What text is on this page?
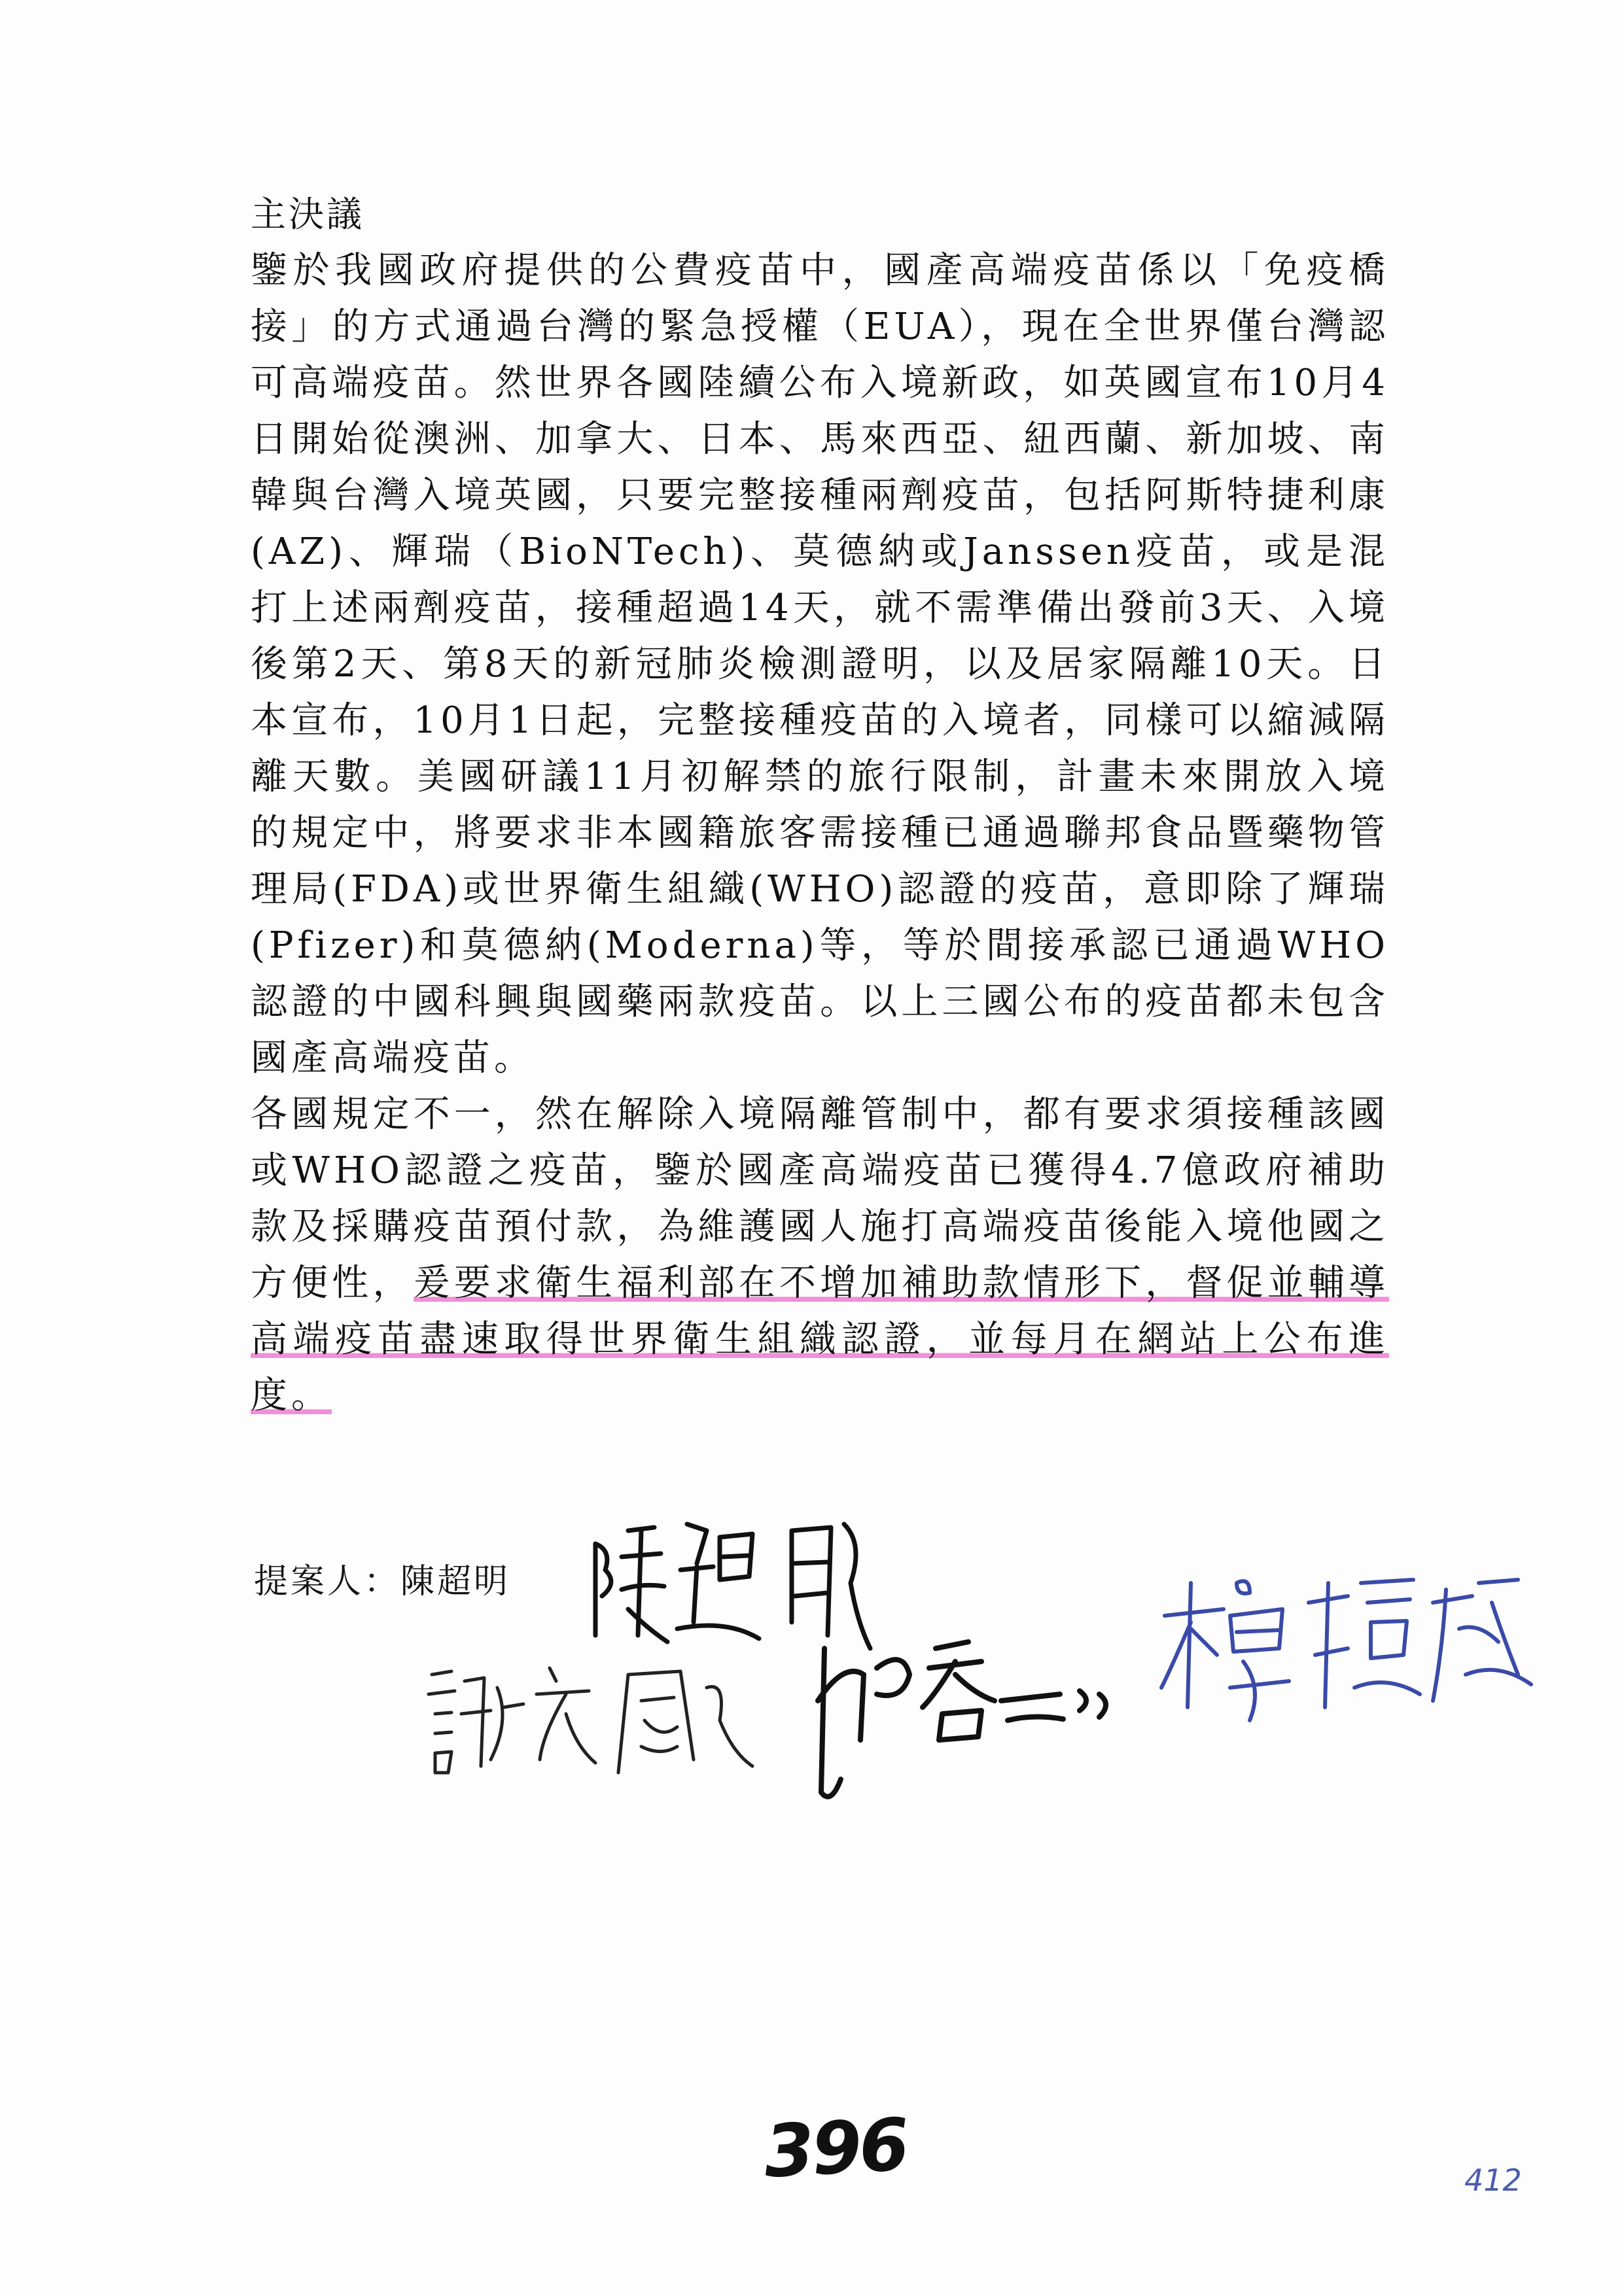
主決議

鑒於我國政府提供的公費疫苗中，國產高端疫苗係以「免疫橋接」的方式通過台灣的緊急授權（EUA），現在全世界僅台灣認可高端疫苗。然世界各國陸續公布入境新政，如英國宣布10月4日開始從澳洲、加拿大、日本、馬來西亞、紐西蘭、新加坡、南韓與台灣入境英國，只要完整接種兩劑疫苗，包括阿斯特捷利康(AZ)、輝瑞（BioNTech)、莫德納或Janssen疫苗，或是混打上述兩劑疫苗，接種超過14天，就不需準備出發前3天、入境後第2天、第8天的新冠肺炎檢測證明，以及居家隔離10天。日本宣布，10月1日起，完整接種疫苗的入境者，同樣可以縮減隔離天數。美國研議11月初解禁的旅行限制，計畫未來開放入境的規定中，將要求非本國籍旅客需接種已通過聯邦食品暨藥物管理局(FDA)或世界衛生組織(WHO)認證的疫苗，意即除了輝瑞(Pfizer)和莫德納(Moderna)等，等於間接承認已通過WHO認證的中國科興與國藥兩款疫苗。以上三國公布的疫苗都未包含國產高端疫苗。

各國規定不一，然在解除入境隔離管制中，都有要求須接種該國或WHO認證之疫苗，鑒於國產高端疫苗已獲得4.7億政府補助款及採購疫苗預付款，為維護國人施打高端疫苗後能入境他國之方便性，爰要求衛生福利部在不增加補助款情形下，督促並輔導高端疫苗盡速取得世界衛生組織認證，並每月在網站上公布進度。

提案人：陳超明
396	412
